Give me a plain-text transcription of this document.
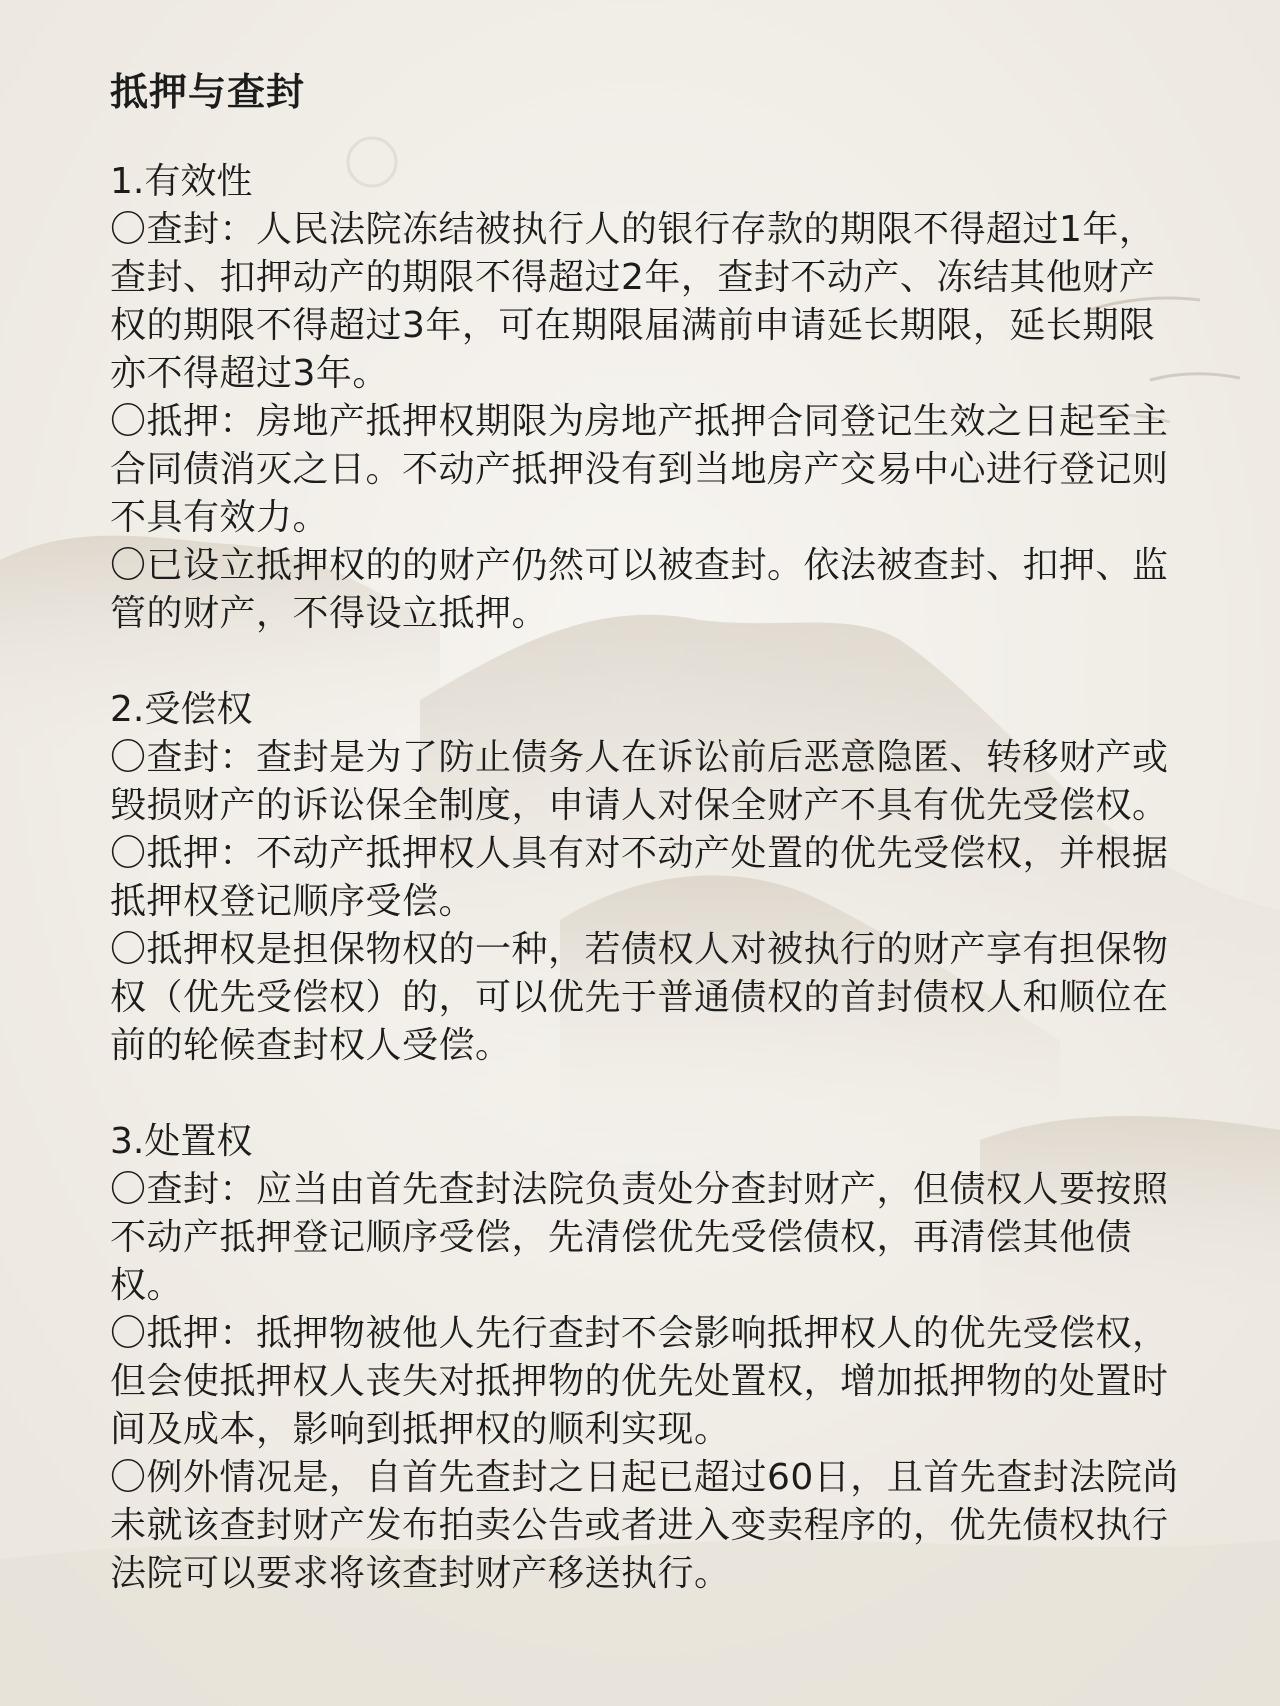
抵押与查封
1.有效性

〇查封：人民法院冻结被执行人的银行存款的期限不得超过1年，查封、扣押动产的期限不得超过2年，查封不动产、冻结其他财产权的期限不得超过3年，可在期限届满前申请延长期限，延长期限亦不得超过3年。

〇抵押：房地产抵押权期限为房地产抵押合同登记生效之日起至主合同债消灭之日。不动产抵押没有到当地房产交易中心进行登记则不具有效力。

〇已设立抵押权的的财产仍然可以被查封。依法被查封、扣押、监管的财产，不得设立抵押。

2.受偿权

〇查封：查封是为了防止债务人在诉讼前后恶意隐匿、转移财产或毁损财产的诉讼保全制度，申请人对保全财产不具有优先受偿权。

〇抵押：不动产抵押权人具有对不动产处置的优先受偿权，并根据抵押权登记顺序受偿。

〇抵押权是担保物权的一种，若债权人对被执行的财产享有担保物权（优先受偿权）的，可以优先于普通债权的首封债权人和顺位在前的轮候查封权人受偿。

3.处置权

〇查封：应当由首先查封法院负责处分查封财产，但债权人要按照不动产抵押登记顺序受偿，先清偿优先受偿债权，再清偿其他债权。

〇抵押：抵押物被他人先行查封不会影响抵押权人的优先受偿权，但会使抵押权人丧失对抵押物的优先处置权，增加抵押物的处置时间及成本，影响到抵押权的顺利实现。

〇例外情况是，自首先查封之日起已超过60日，且首先查封法院尚未就该查封财产发布拍卖公告或者进入变卖程序的，优先债权执行法院可以要求将该查封财产移送执行。
